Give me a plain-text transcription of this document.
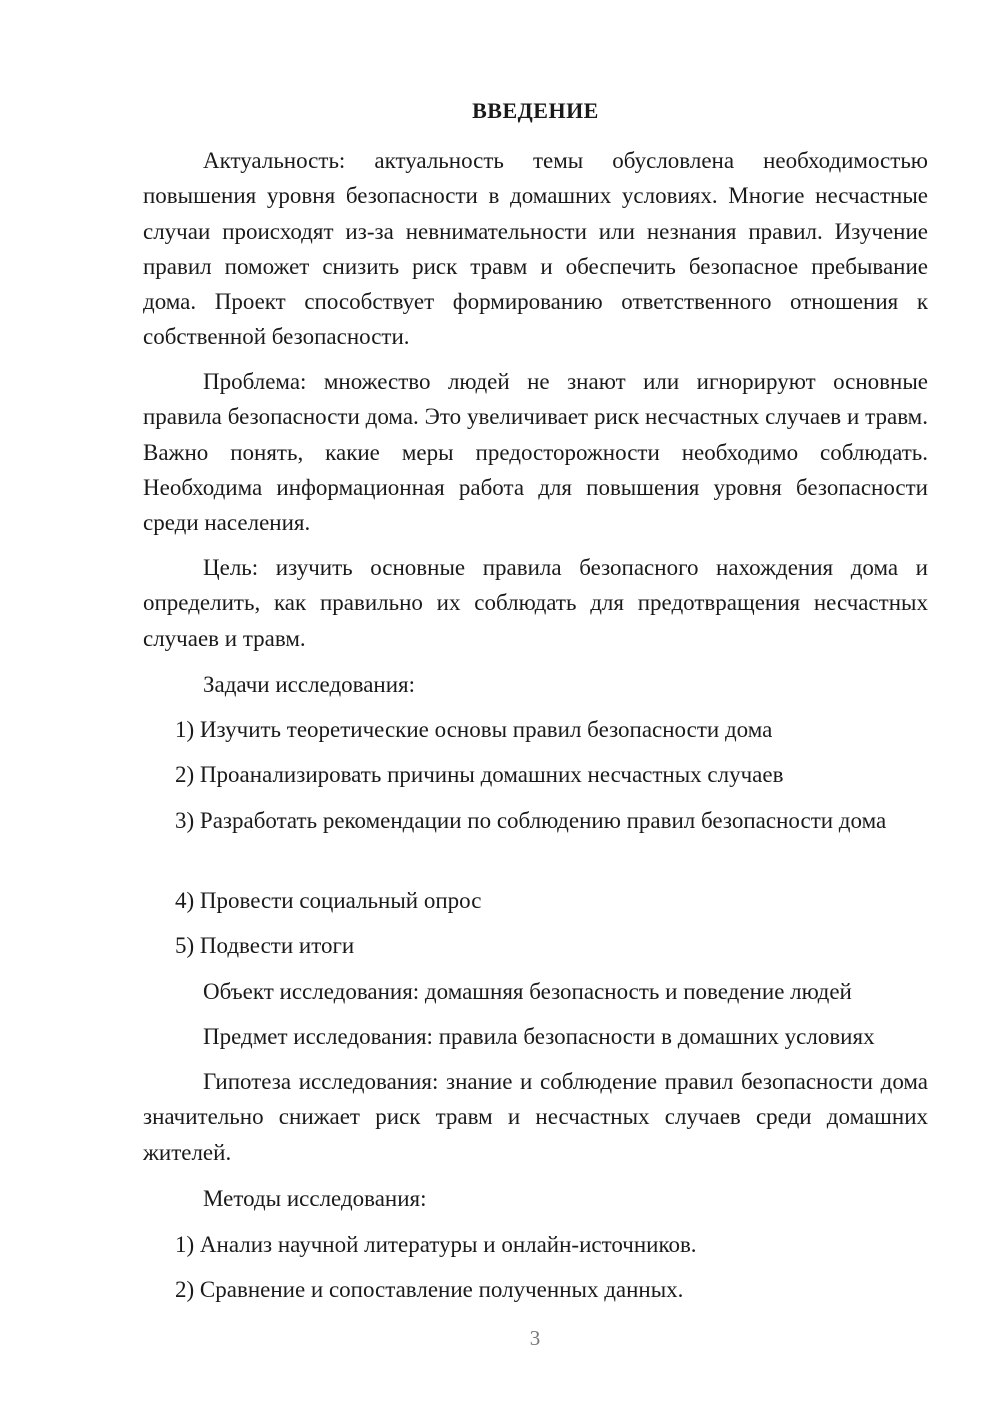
ВВЕДЕНИЕ

Актуальность: актуальность темы обусловлена необходимостью повышения уровня безопасности в домашних условиях. Многие несчастные случаи происходят из-за невнимательности или незнания правил. Изучение правил поможет снизить риск травм и обеспечить безопасное пребывание дома. Проект способствует формированию ответственного отношения к собственной безопасности.

Проблема: множество людей не знают или игнорируют основные правила безопасности дома. Это увеличивает риск несчастных случаев и травм. Важно понять, какие меры предосторожности необходимо соблюдать. Необходима информационная работа для повышения уровня безопасности среди населения.

Цель: изучить основные правила безопасного нахождения дома и определить, как правильно их соблюдать для предотвращения несчастных случаев и травм.

Задачи исследования:

1) Изучить теоретические основы правил безопасности дома

2) Проанализировать причины домашних несчастных случаев

3) Разработать рекомендации по соблюдению правил безопасности дома

4) Провести социальный опрос

5) Подвести итоги

Объект исследования: домашняя безопасность и поведение людей

Предмет исследования: правила безопасности в домашних условиях

Гипотеза исследования: знание и соблюдение правил безопасности дома значительно снижает риск травм и несчастных случаев среди домашних жителей.

Методы исследования:

1) Анализ научной литературы и онлайн-источников.

2) Сравнение и сопоставление полученных данных.

3
